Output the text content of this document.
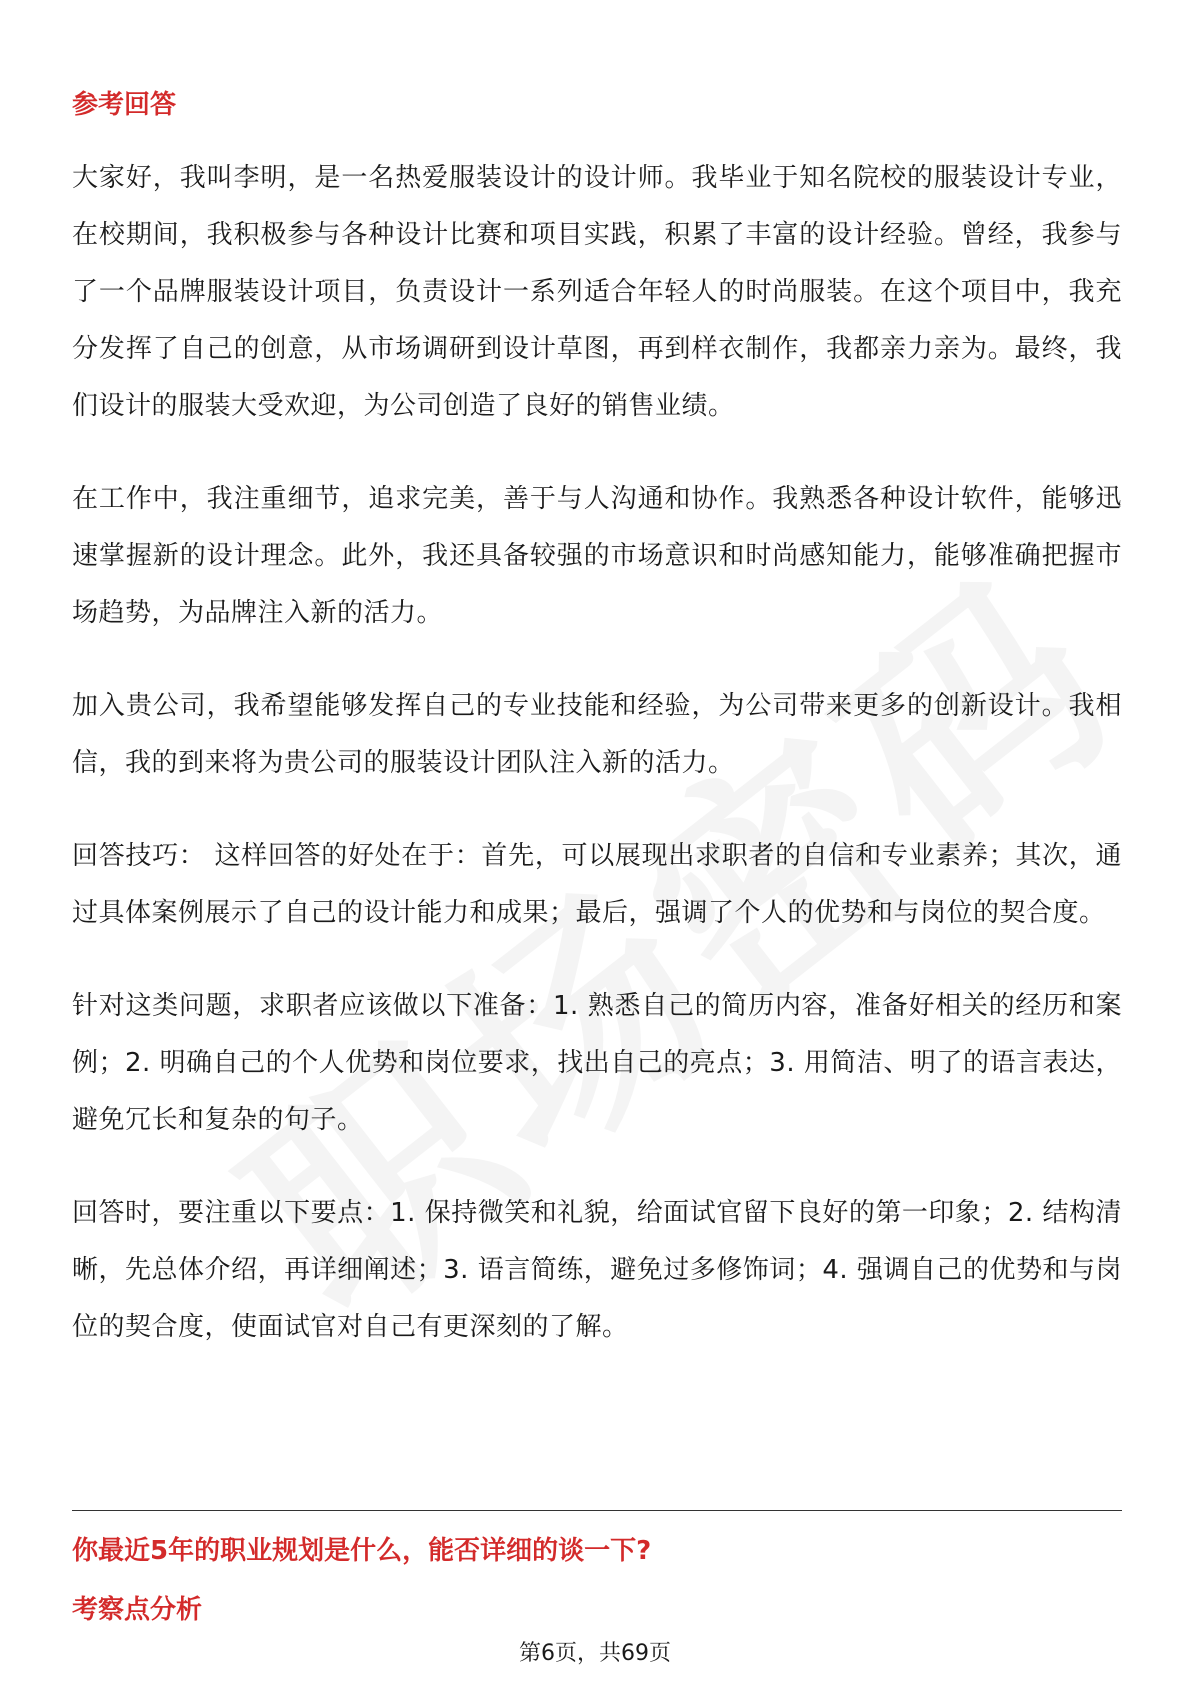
参考回答

大家好，我叫李明，是一名热爱服装设计的设计师。我毕业于知名院校的服装设计专业，在校期间，我积极参与各种设计比赛和项目实践，积累了丰富的设计经验。曾经，我参与了一个品牌服装设计项目，负责设计一系列适合年轻人的时尚服装。在这个项目中，我充分发挥了自己的创意，从市场调研到设计草图，再到样衣制作，我都亲力亲为。最终，我们设计的服装大受欢迎，为公司创造了良好的销售业绩。

在工作中，我注重细节，追求完美，善于与人沟通和协作。我熟悉各种设计软件，能够迅速掌握新的设计理念。此外，我还具备较强的市场意识和时尚感知能力，能够准确把握市场趋势，为品牌注入新的活力。

加入贵公司，我希望能够发挥自己的专业技能和经验，为公司带来更多的创新设计。我相信，我的到来将为贵公司的服装设计团队注入新的活力。

回答技巧： 这样回答的好处在于：首先，可以展现出求职者的自信和专业素养；其次，通过具体案例展示了自己的设计能力和成果；最后，强调了个人的优势和与岗位的契合度。

针对这类问题，求职者应该做以下准备：1. 熟悉自己的简历内容，准备好相关的经历和案例；2. 明确自己的个人优势和岗位要求，找出自己的亮点；3. 用简洁、明了的语言表达，避免冗长和复杂的句子。

回答时，要注重以下要点：1. 保持微笑和礼貌，给面试官留下良好的第一印象；2. 结构清晰，先总体介绍，再详细阐述；3. 语言简练，避免过多修饰词；4. 强调自己的优势和与岗位的契合度，使面试官对自己有更深刻的了解。

你最近5年的职业规划是什么，能否详细的谈一下?

考察点分析

第6页，共69页
